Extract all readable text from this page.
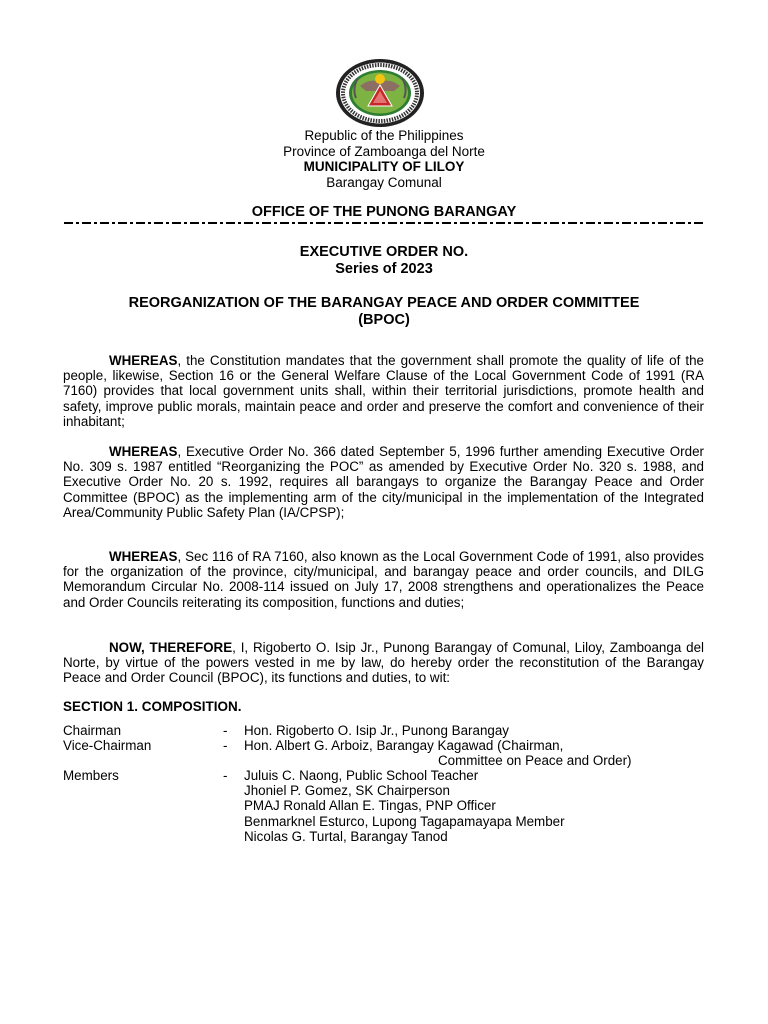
Republic of the Philippines
Province of Zamboanga del Norte
MUNICIPALITY OF LILOY
Barangay Comunal
OFFICE OF THE PUNONG BARANGAY
EXECUTIVE ORDER NO.
Series of 2023
REORGANIZATION OF THE BARANGAY PEACE AND ORDER COMMITTEE
(BPOC)
WHEREAS, the Constitution mandates that the government shall promote the quality of life of the people, likewise, Section 16 or the General Welfare Clause of the Local Government Code of 1991 (RA 7160) provides that local government units shall, within their territorial jurisdictions, promote health and safety, improve public morals, maintain peace and order and preserve the comfort and convenience of their inhabitant;
WHEREAS, Executive Order No. 366 dated September 5, 1996 further amending Executive Order No. 309 s. 1987 entitled “Reorganizing the POC” as amended by Executive Order No. 320 s. 1988, and Executive Order No. 20 s. 1992, requires all barangays to organize the Barangay Peace and Order Committee (BPOC) as the implementing arm of the city/municipal in the implementation of the Integrated Area/Community Public Safety Plan (IA/CPSP);
WHEREAS, Sec 116 of RA 7160, also known as the Local Government Code of 1991, also provides for the organization of the province, city/municipal, and barangay peace and order councils, and DILG Memorandum Circular No. 2008-114 issued on July 17, 2008 strengthens and operationalizes the Peace and Order Councils reiterating its composition, functions and duties;
NOW, THEREFORE, I, Rigoberto O. Isip Jr., Punong Barangay of Comunal, Liloy, Zamboanga del Norte, by virtue of the powers vested in me by law, do hereby order the reconstitution of the Barangay Peace and Order Council (BPOC), its functions and duties, to wit:
SECTION 1. COMPOSITION.
Chairman	- Hon. Rigoberto O. Isip Jr., Punong Barangay
Vice-Chairman	- Hon. Albert G. Arboiz, Barangay Kagawad (Chairman,
Committee on Peace and Order)
Members	- Juluis C. Naong, Public School Teacher
Jhoniel P. Gomez, SK Chairperson
PMAJ Ronald Allan E. Tingas, PNP Officer
Benmarknel Esturco, Lupong Tagapamayapa Member
Nicolas G. Turtal, Barangay Tanod
